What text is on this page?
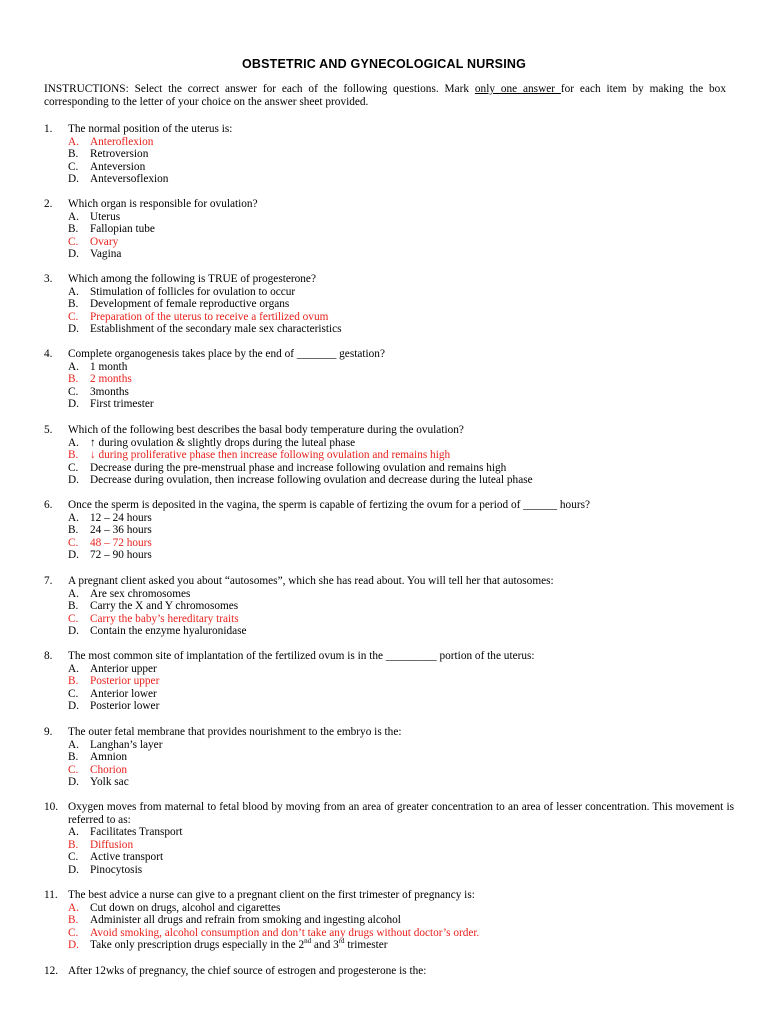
OBSTETRIC AND GYNECOLOGICAL NURSING
INSTRUCTIONS: Select the correct answer for each of the following questions. Mark only one answer for each item by making the box corresponding to the letter of your choice on the answer sheet provided.
1. The normal position of the uterus is:
A. Anteroflexion
B. Retroversion
C. Anteversion
D. Anteversoflexion
2. Which organ is responsible for ovulation?
A. Uterus
B. Fallopian tube
C. Ovary
D. Vagina
3. Which among the following is TRUE of progesterone?
A. Stimulation of follicles for ovulation to occur
B. Development of female reproductive organs
C. Preparation of the uterus to receive a fertilized ovum
D. Establishment of the secondary male sex characteristics
4. Complete organogenesis takes place by the end of _______ gestation?
A. 1 month
B. 2 months
C. 3months
D. First trimester
5. Which of the following best describes the basal body temperature during the ovulation?
A. ↑ during ovulation & slightly drops during the luteal phase
B. ↓ during proliferative phase then increase following ovulation and remains high
C. Decrease during the pre-menstrual phase and increase following ovulation and remains high
D. Decrease during ovulation, then increase following ovulation and decrease during the luteal phase
6. Once the sperm is deposited in the vagina, the sperm is capable of fertizing the ovum for a period of ______ hours?
A. 12 – 24 hours
B. 24 – 36 hours
C. 48 – 72 hours
D. 72 – 90 hours
7. A pregnant client asked you about “autosomes”, which she has read about. You will tell her that autosomes:
A. Are sex chromosomes
B. Carry the X and Y chromosomes
C. Carry the baby’s hereditary traits
D. Contain the enzyme hyaluronidase
8. The most common site of implantation of the fertilized ovum is in the _________ portion of the uterus:
A. Anterior upper
B. Posterior upper
C. Anterior lower
D. Posterior lower
9. The outer fetal membrane that provides nourishment to the embryo is the:
A. Langhan’s layer
B. Amnion
C. Chorion
D. Yolk sac
10. Oxygen moves from maternal to fetal blood by moving from an area of greater concentration to an area of lesser concentration. This movement is referred to as:
A. Facilitates Transport
B. Diffusion
C. Active transport
D. Pinocytosis
11. The best advice a nurse can give to a pregnant client on the first trimester of pregnancy is:
A. Cut down on drugs, alcohol and cigarettes
B. Administer all drugs and refrain from smoking and ingesting alcohol
C. Avoid smoking, alcohol consumption and don’t take any drugs without doctor’s order.
D. Take only prescription drugs especially in the 2nd and 3rd trimester
12. After 12wks of pregnancy, the chief source of estrogen and progesterone is the:
